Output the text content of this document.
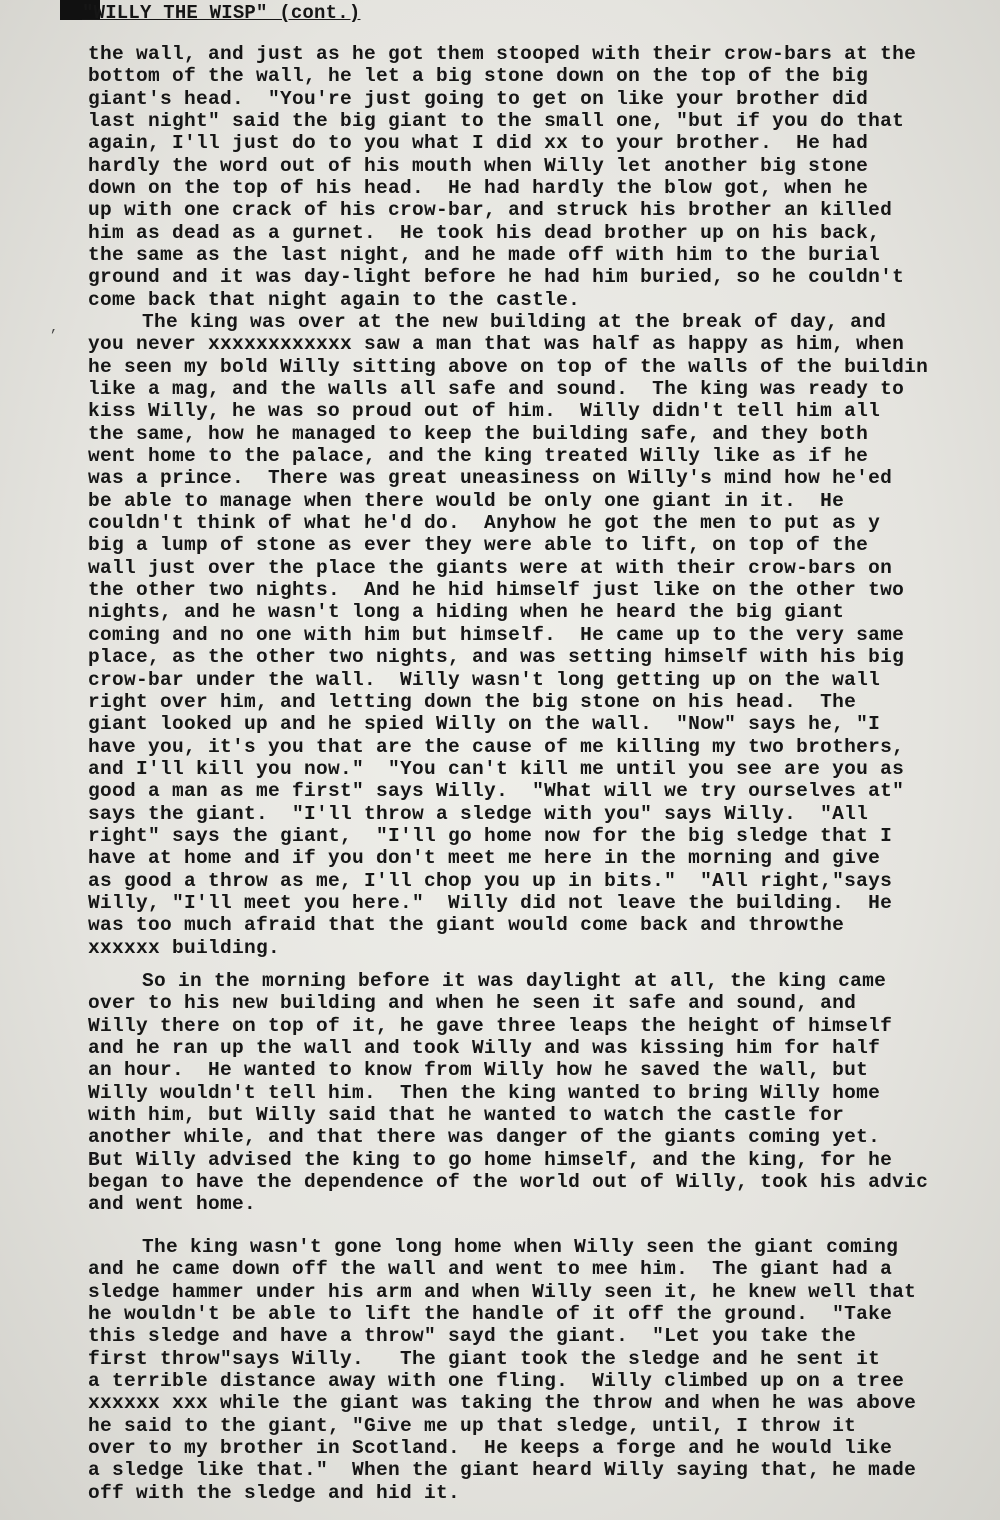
"WILLY THE WISP" (cont.)
the wall, and just as he got them stooped with their crow-bars at the
bottom of the wall, he let a big stone down on the top of the big
giant's head.  "You're just going to get on like your brother did
last night" said the big giant to the small one, "but if you do that
again, I'll just do to you what I did xx to your brother.  He had
hardly the word out of his mouth when Willy let another big stone
down on the top of his head.  He had hardly the blow got, when he
up with one crack of his crow-bar, and struck his brother an killed
him as dead as a gurnet.  He took his dead brother up on his back,
the same as the last night, and he made off with him to the burial
ground and it was day-light before he had him buried, so he couldn't
come back that night again to the castle.
The king was over at the new building at the break of day, and
you never xxxxxxxxxxxx saw a man that was half as happy as him, when
he seen my bold Willy sitting above on top of the walls of the buildin
like a mag, and the walls all safe and sound.  The king was ready to
kiss Willy, he was so proud out of him.  Willy didn't tell him all
the same, how he managed to keep the building safe, and they both
went home to the palace, and the king treated Willy like as if he
was a prince.  There was great uneasiness on Willy's mind how he'ed
be able to manage when there would be only one giant in it.  He
couldn't think of what he'd do.  Anyhow he got the men to put as y
big a lump of stone as ever they were able to lift, on top of the
wall just over the place the giants were at with their crow-bars on
the other two nights.  And he hid himself just like on the other two
nights, and he wasn't long a hiding when he heard the big giant
coming and no one with him but himself.  He came up to the very same
place, as the other two nights, and was setting himself with his big
crow-bar under the wall.  Willy wasn't long getting up on the wall
right over him, and letting down the big stone on his head.  The
giant looked up and he spied Willy on the wall.  "Now" says he, "I
have you, it's you that are the cause of me killing my two brothers,
and I'll kill you now."  "You can't kill me until you see are you as
good a man as me first" says Willy.  "What will we try ourselves at"
says the giant.  "I'll throw a sledge with you" says Willy.  "All
right" says the giant,  "I'll go home now for the big sledge that I
have at home and if you don't meet me here in the morning and give
as good a throw as me, I'll chop you up in bits."  "All right,"says
Willy, "I'll meet you here."  Willy did not leave the building.  He
was too much afraid that the giant would come back and throwthe
xxxxxx building.
So in the morning before it was daylight at all, the king came
over to his new building and when he seen it safe and sound, and
Willy there on top of it, he gave three leaps the height of himself
and he ran up the wall and took Willy and was kissing him for half
an hour.  He wanted to know from Willy how he saved the wall, but
Willy wouldn't tell him.  Then the king wanted to bring Willy home
with him, but Willy said that he wanted to watch the castle for
another while, and that there was danger of the giants coming yet.
But Willy advised the king to go home himself, and the king, for he
began to have the dependence of the world out of Willy, took his advic
and went home.
The king wasn't gone long home when Willy seen the giant coming
and he came down off the wall and went to mee him.  The giant had a
sledge hammer under his arm and when Willy seen it, he knew well that
he wouldn't be able to lift the handle of it off the ground.  "Take
this sledge and have a throw" sayd the giant.  "Let you take the
first throw"says Willy.   The giant took the sledge and he sent it
a terrible distance away with one fling.  Willy climbed up on a tree
xxxxxx xxx while the giant was taking the throw and when he was above
he said to the giant, "Give me up that sledge, until, I throw it
over to my brother in Scotland.  He keeps a forge and he would like
a sledge like that."  When the giant heard Willy saying that, he made
off with the sledge and hid it.
,
